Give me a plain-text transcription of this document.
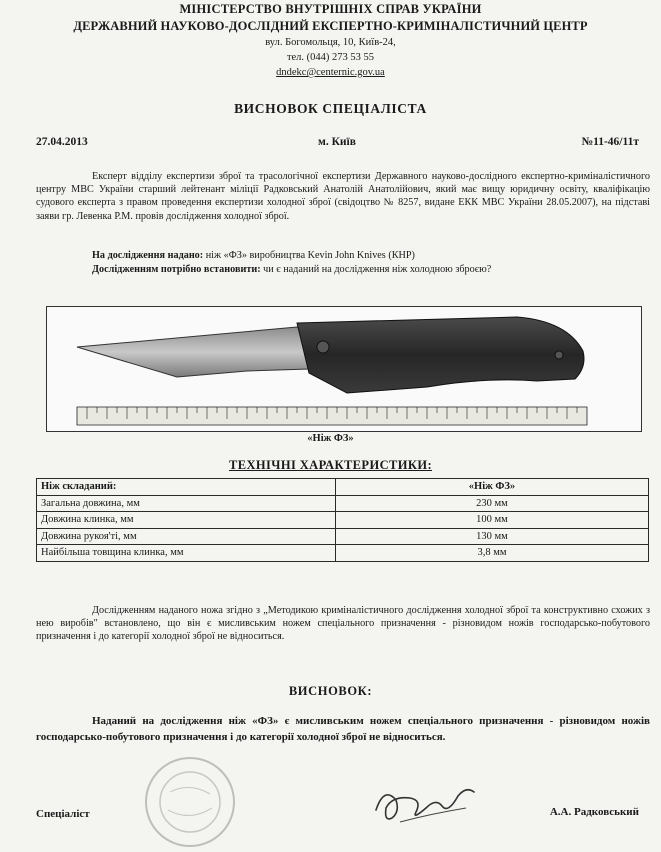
МІНІСТЕРСТВО ВНУТРІШНІХ СПРАВ УКРАЇНИ
ДЕРЖАВНИЙ НАУКОВО-ДОСЛІДНИЙ ЕКСПЕРТНО-КРИМІНАЛІСТИЧНИЙ ЦЕНТР
вул. Богомольця, 10, Київ-24,
тел. (044) 273 53 55
dndekc@centernic.gov.ua
ВИСНОВОК СПЕЦІАЛІСТА
27.04.2013	м. Київ	№11-46/11т
Експерт відділу експертизи зброї та трасологічної експертизи Державного науково-дослідного експертно-криміналістичного центру МВС України старший лейтенант міліції Радковський Анатолій Анатолійович, який має вищу юридичну освіту, кваліфікацію судового експерта з правом проведення експертизи холодної зброї (свідоцтво № 8257, видане ЕКК МВС України 28.05.2007), на підставі заяви гр. Левенка Р.М. провів дослідження холодної зброї.
На дослідження надано: ніж «ФЗ» виробництва Kevin John Knives (КНР)
Дослідженням потрібно встановити: чи є наданий на дослідження ніж холодною зброєю?
«Ніж ФЗ»
ТЕХНІЧНІ ХАРАКТЕРИСТИКИ:
Ніж складаний:	«Ніж ФЗ»
Загальна довжина, мм	230 мм
Довжина клинка, мм	100 мм
Довжина рукоя'ті, мм	130 мм
Найбільша товщина клинка, мм	3,8 мм
Дослідженням наданого ножа згідно з „Методикою криміналістичного дослідження холодної зброї та конструктивно схожих з нею виробів" встановлено, що він є мисливським ножем спеціального призначення - різновидом ножів господарсько-побутового призначення і до категорії холодної зброї не відноситься.
ВИСНОВОК:
Наданий на дослідження ніж «ФЗ» є мисливським ножем спеціального призначення - різновидом ножів господарсько-побутового призначення і до категорії холодної зброї не відноситься.
Спеціаліст	А.А. Радковський
